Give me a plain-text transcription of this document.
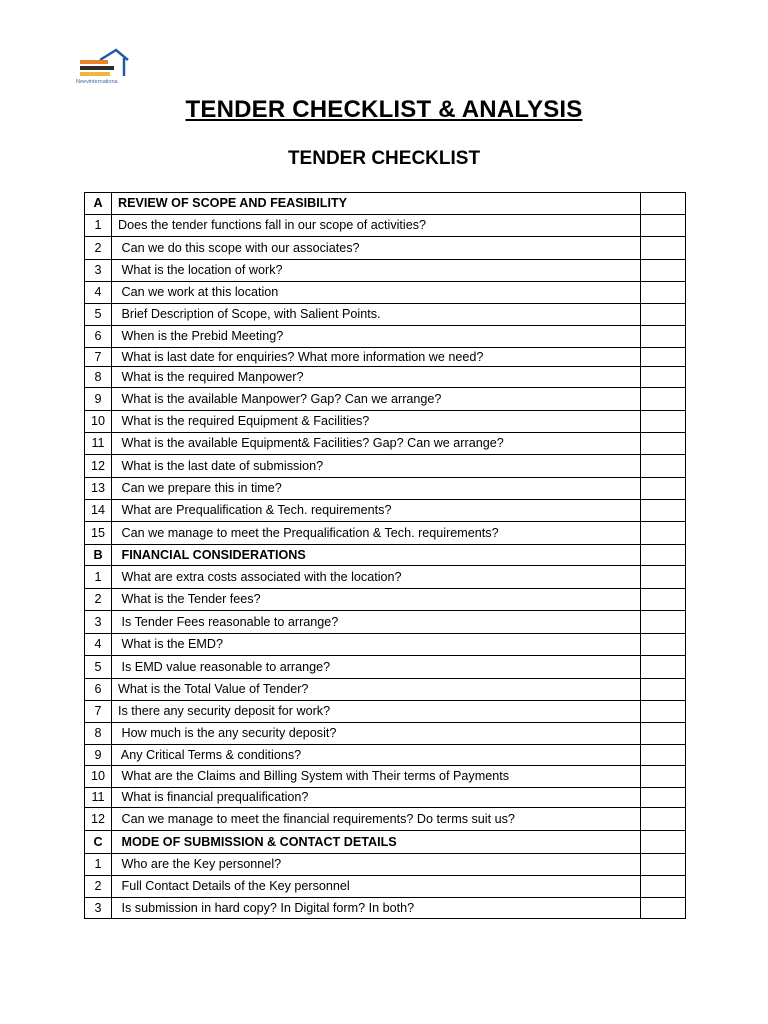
Neevinternationa
TENDER CHECKLIST & ANALYSIS
TENDER CHECKLIST
A	REVIEW OF SCOPE AND FEASIBILITY	
1	Does the tender functions fall in our scope of activities?	
2	Can we do this scope with our associates?	
3	What is the location of work?	
4	Can we work at this location	
5	Brief Description of Scope, with Salient Points.	
6	When is the Prebid Meeting?	
7	What is last date for enquiries? What more information we need?	
8	What is the required Manpower?	
9	What is the available Manpower? Gap? Can we arrange?	
10	What is the required Equipment & Facilities?	
11	What is the available Equipment& Facilities? Gap? Can we arrange?	
12	What is the last date of submission?	
13	Can we prepare this in time?	
14	What are Prequalification & Tech. requirements?	
15	Can we manage to meet the Prequalification & Tech. requirements?	
B	FINANCIAL CONSIDERATIONS	
1	What are extra costs associated with the location?	
2	What is the Tender fees?	
3	Is Tender Fees reasonable to arrange?	
4	What is the EMD?	
5	Is EMD value reasonable to arrange?	
6	What is the Total Value of Tender?	
7	Is there any security deposit for work?	
8	How much is the any security deposit?	
9	Any Critical Terms & conditions?	
10	What are the Claims and Billing System with Their terms of Payments	
11	What is financial prequalification?	
12	Can we manage to meet the financial requirements? Do terms suit us?	
C	MODE OF SUBMISSION & CONTACT DETAILS	
1	Who are the Key personnel?	
2	Full Contact Details of the Key personnel	
3	Is submission in hard copy? In Digital form? In both?	
